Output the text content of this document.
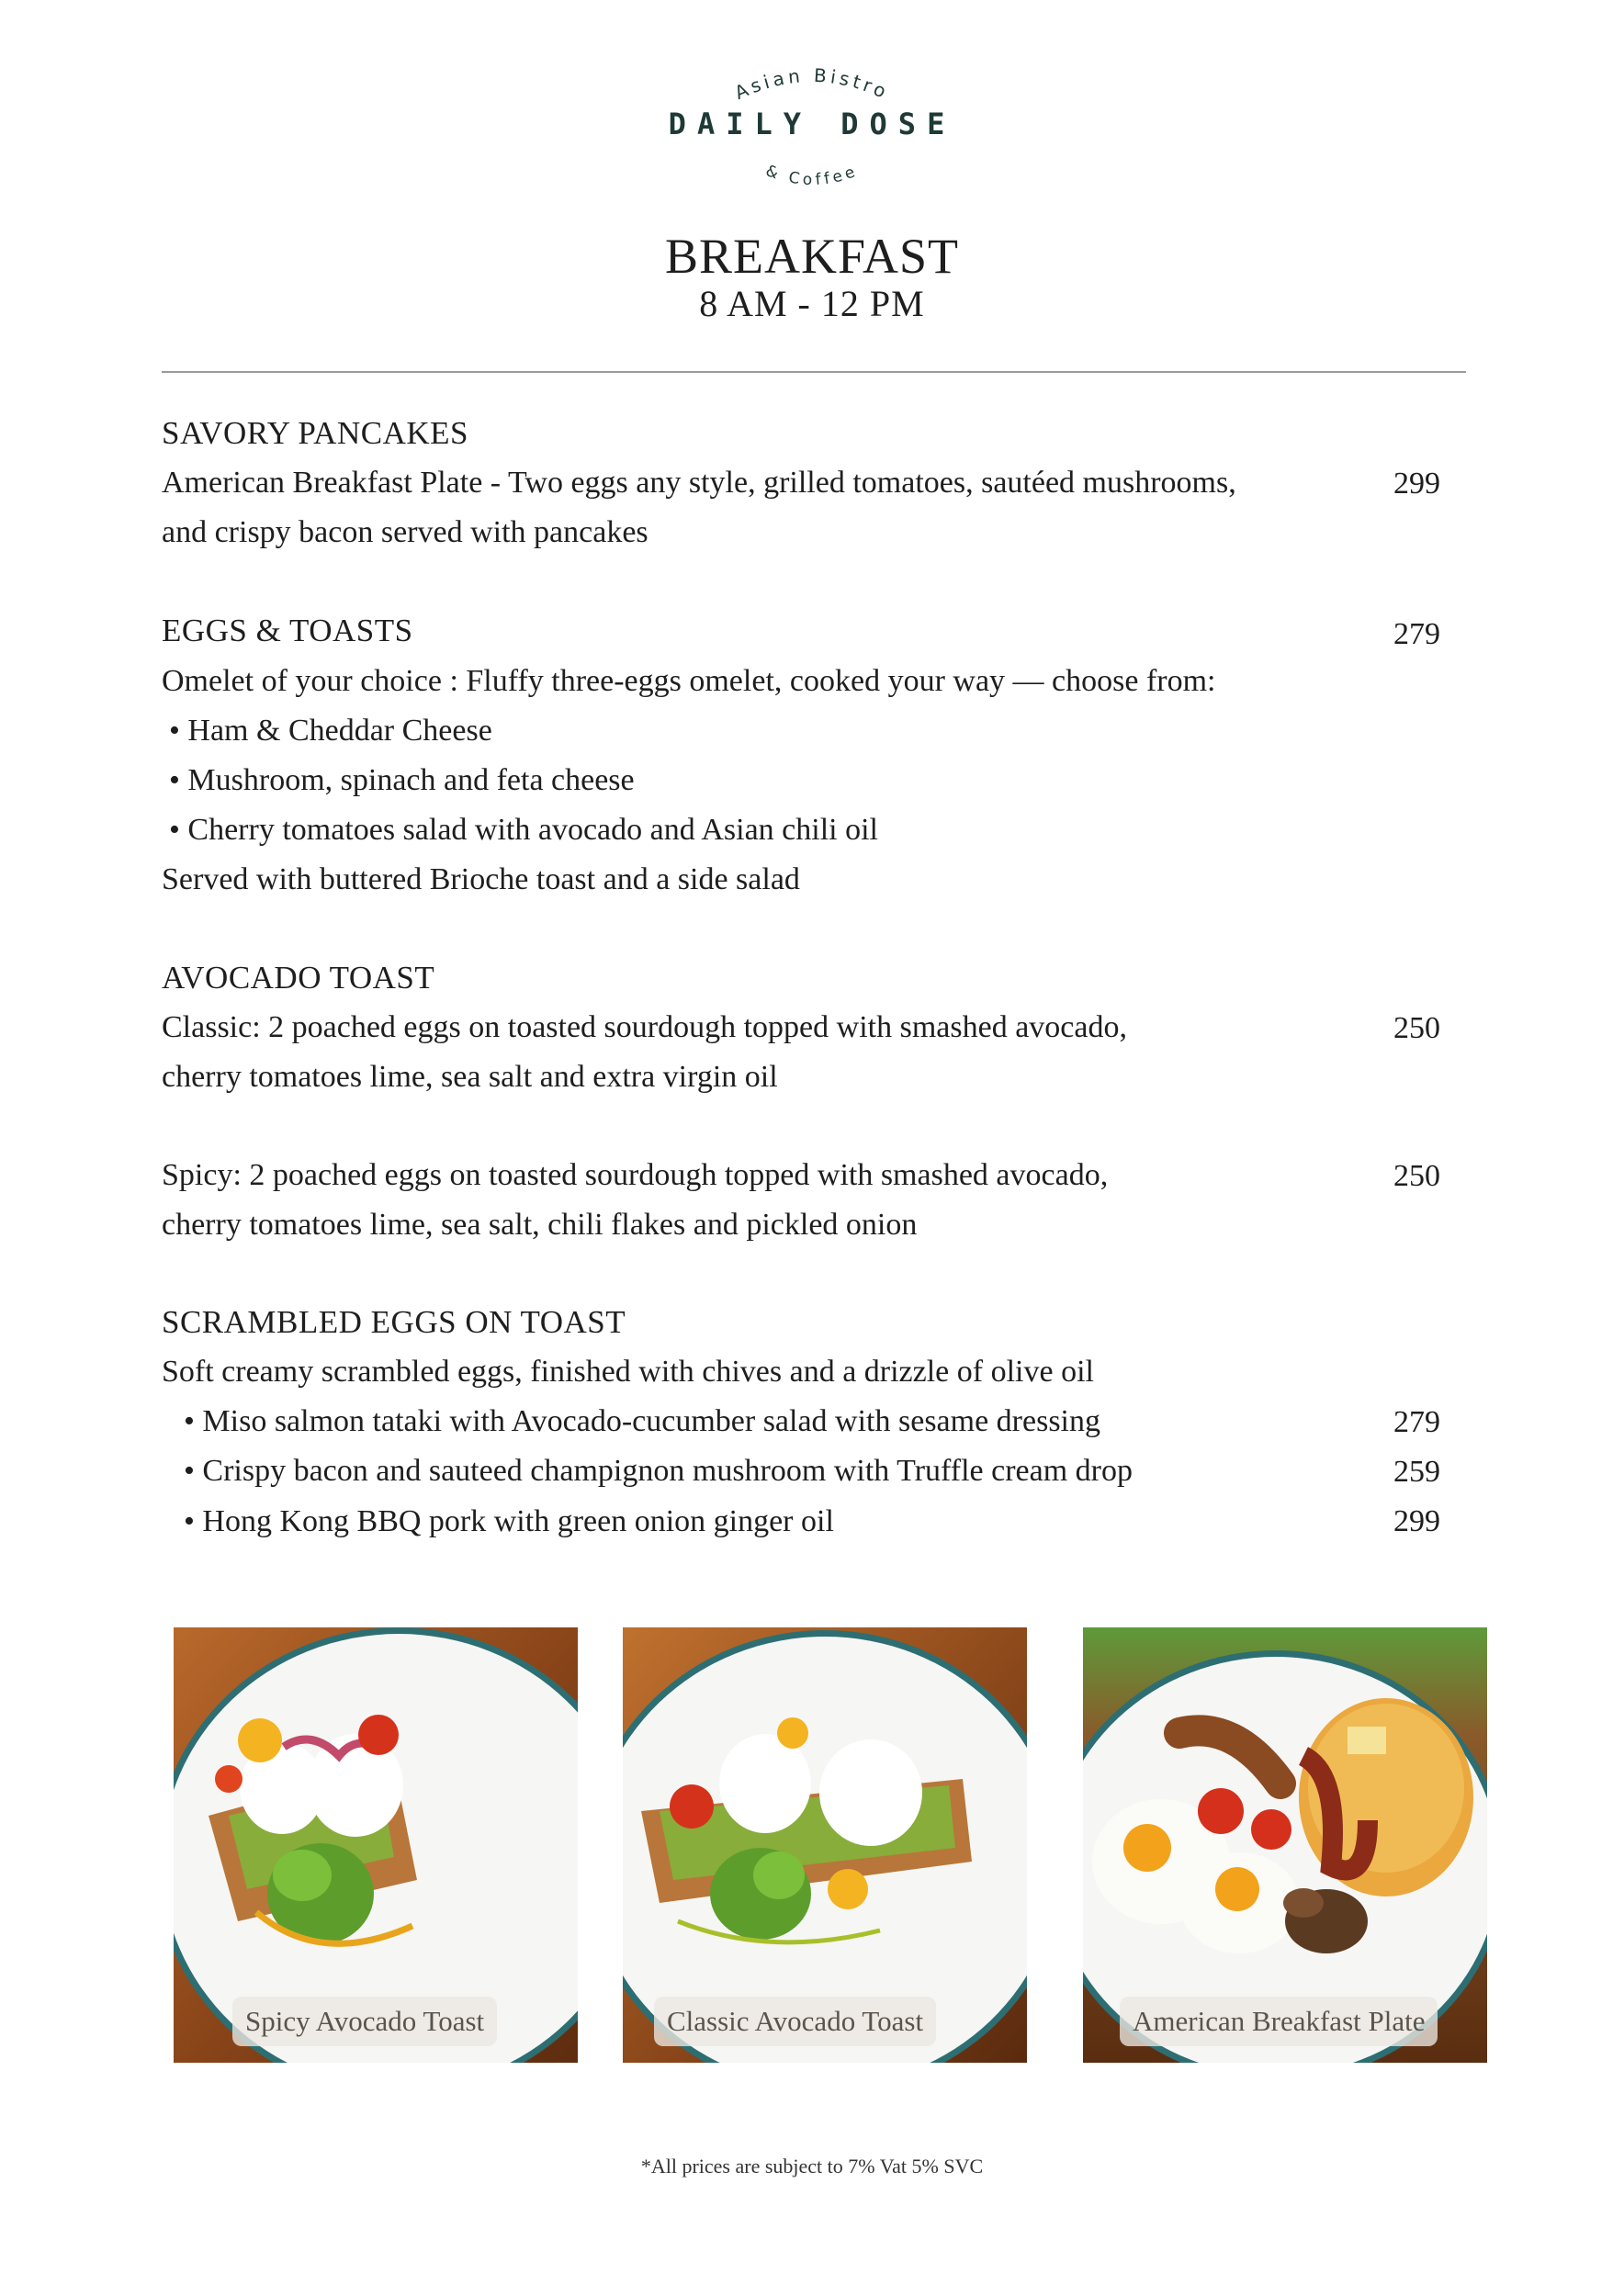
Asian Bistro
& Coffee
DAILY DOSE
BREAKFAST
8 AM - 12 PM
SAVORY PANCAKES
American Breakfast Plate - Two eggs any style, grilled tomatoes, sautéed mushrooms,	299
and crispy bacon served with pancakes
EGGS & TOASTS	279
Omelet of your choice : Fluffy three-eggs omelet, cooked your way — choose from:
• Ham & Cheddar Cheese
• Mushroom, spinach and feta cheese
• Cherry tomatoes salad with avocado and Asian chili oil
Served with buttered Brioche toast and a side salad
AVOCADO TOAST
Classic: 2 poached eggs on toasted sourdough topped with smashed avocado,	250
cherry tomatoes lime, sea salt and extra virgin oil
Spicy: 2 poached eggs on toasted sourdough topped with smashed avocado,	250
cherry tomatoes lime, sea salt, chili flakes and pickled onion
SCRAMBLED EGGS ON TOAST
Soft creamy scrambled eggs, finished with chives and a drizzle of olive oil
• Miso salmon tataki with Avocado-cucumber salad with sesame dressing	279
• Crispy bacon and sauteed champignon mushroom with Truffle cream drop	259
• Hong Kong BBQ pork with green onion ginger oil	299
Spicy Avocado Toast	Classic Avocado Toast	American Breakfast Plate
*All prices are subject to 7% Vat 5% SVC
